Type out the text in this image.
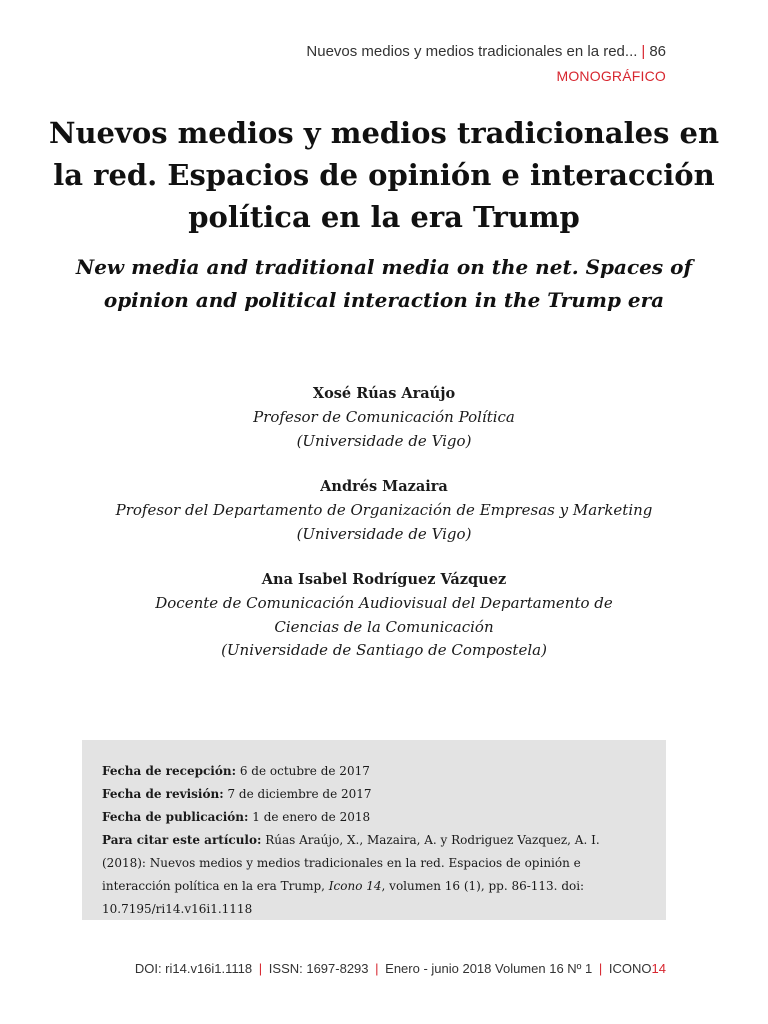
Nuevos medios y medios tradicionales en la red... | 86
MONOGRÁFICO
Nuevos medios y medios tradicionales en la red. Espacios de opinión e interacción política en la era Trump
New media and traditional media on the net. Spaces of opinion and political interaction in the Trump era
Xosé Rúas Araújo
Profesor de Comunicación Política
(Universidade de Vigo)
Andrés Mazaira
Profesor del Departamento de Organización de Empresas y Marketing
(Universidade de Vigo)
Ana Isabel Rodríguez Vázquez
Docente de Comunicación Audiovisual del Departamento de
Ciencias de la Comunicación
(Universidade de Santiago de Compostela)

Fecha de recepción: 6 de octubre de 2017

Fecha de revisión: 7 de diciembre de 2017

Fecha de publicación: 1 de enero de 2018

Para citar este artículo: Rúas Araújo, X., Mazaira, A. y Rodriguez Vazquez, A. I. (2018): Nuevos medios y medios tradicionales en la red. Espacios de opinión e interacción política en la era Trump, Icono 14, volumen 16 (1), pp. 86-113. doi: 10.7195/ri14.v16i1.1118

DOI: ri14.v16i1.1118 | ISSN: 1697-8293 | Enero - junio 2018 Volumen 16 Nº 1 | ICONO14
